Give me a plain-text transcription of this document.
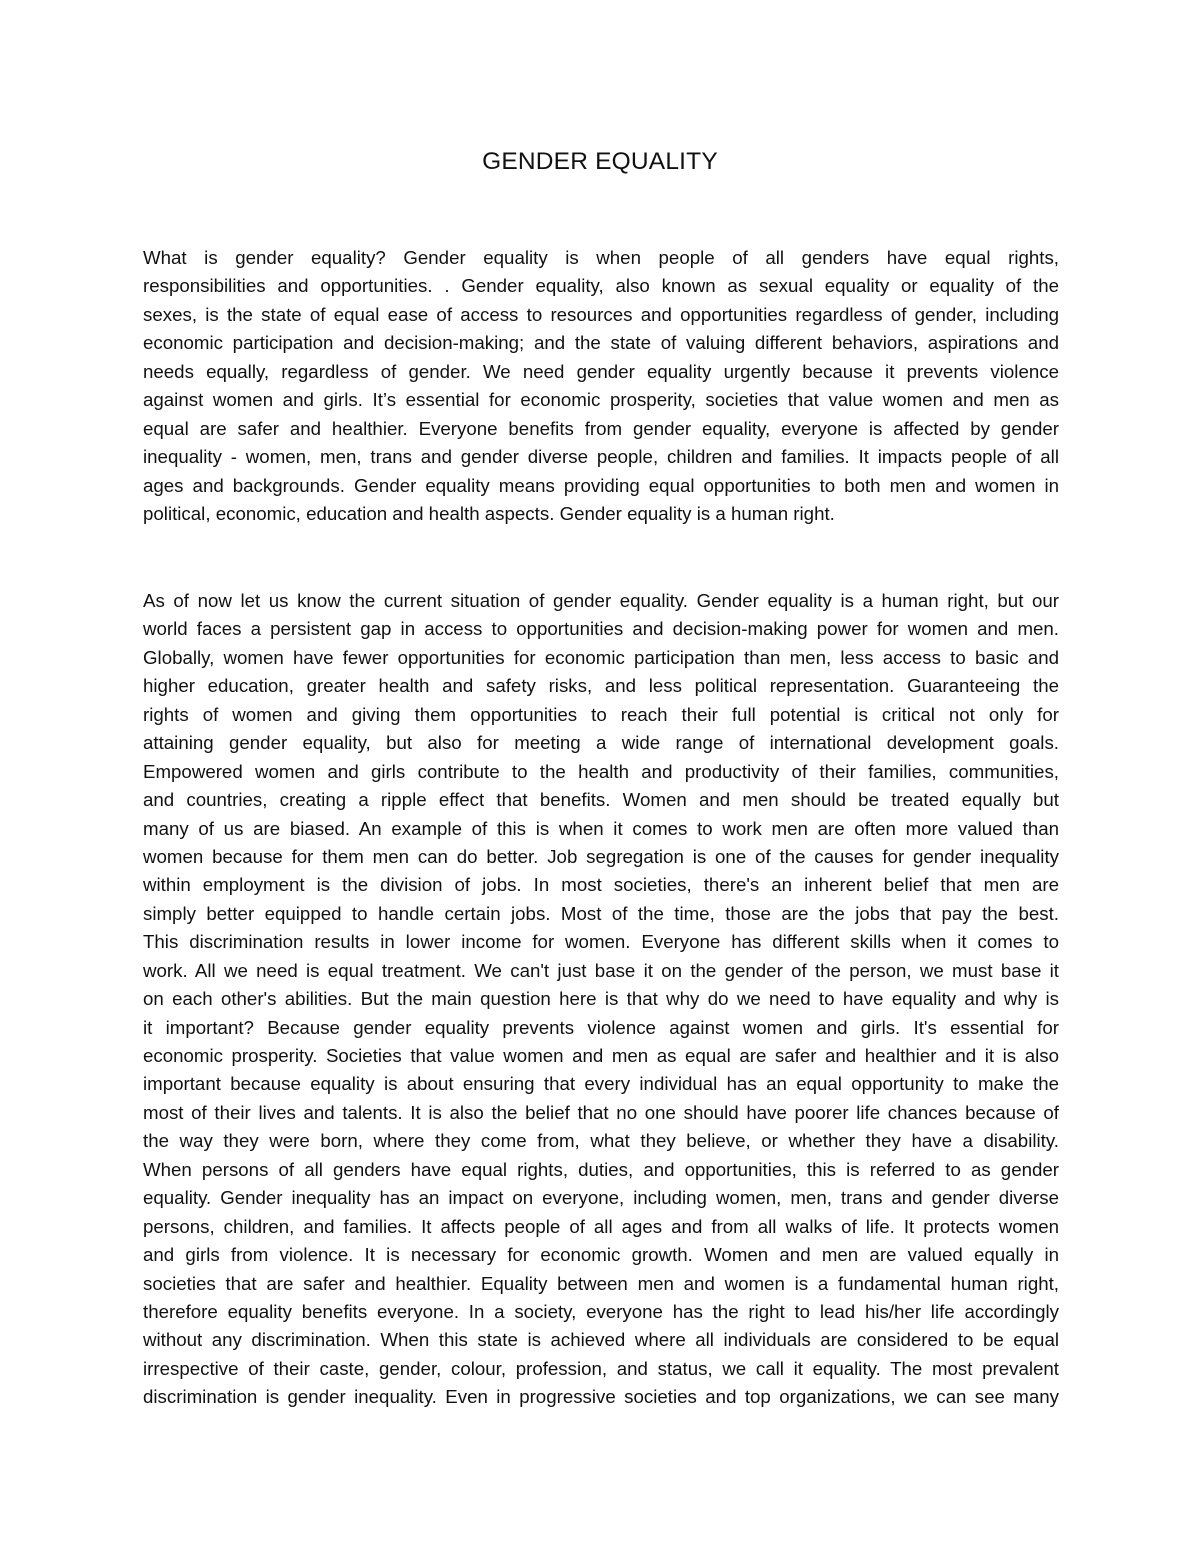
GENDER EQUALITY
What is gender equality? Gender equality is when people of all genders have equal rights,
responsibilities and opportunities. . Gender equality, also known as sexual equality or equality of the
sexes, is the state of equal ease of access to resources and opportunities regardless of gender, including
economic participation and decision-making; and the state of valuing different behaviors, aspirations and
needs equally, regardless of gender. We need gender equality urgently because it prevents violence
against women and girls. It’s essential for economic prosperity, societies that value women and men as
equal are safer and healthier. Everyone benefits from gender equality, everyone is affected by gender
inequality - women, men, trans and gender diverse people, children and families. It impacts people of all
ages and backgrounds. Gender equality means providing equal opportunities to both men and women in
political, economic, education and health aspects. Gender equality is a human right.
As of now let us know the current situation of gender equality. Gender equality is a human right, but our
world faces a persistent gap in access to opportunities and decision-making power for women and men.
Globally, women have fewer opportunities for economic participation than men, less access to basic and
higher education, greater health and safety risks, and less political representation. Guaranteeing the
rights of women and giving them opportunities to reach their full potential is critical not only for
attaining gender equality, but also for meeting a wide range of international development goals.
Empowered women and girls contribute to the health and productivity of their families, communities,
and countries, creating a ripple effect that benefits. Women and men should be treated equally but
many of us are biased. An example of this is when it comes to work men are often more valued than
women because for them men can do better. Job segregation is one of the causes for gender inequality
within employment is the division of jobs. In most societies, there's an inherent belief that men are
simply better equipped to handle certain jobs. Most of the time, those are the jobs that pay the best.
This discrimination results in lower income for women. Everyone has different skills when it comes to
work. All we need is equal treatment. We can't just base it on the gender of the person, we must base it
on each other's abilities. But the main question here is that why do we need to have equality and why is
it important? Because gender equality prevents violence against women and girls. It's essential for
economic prosperity. Societies that value women and men as equal are safer and healthier and it is also
important because equality is about ensuring that every individual has an equal opportunity to make the
most of their lives and talents. It is also the belief that no one should have poorer life chances because of
the way they were born, where they come from, what they believe, or whether they have a disability.
When persons of all genders have equal rights, duties, and opportunities, this is referred to as gender
equality. Gender inequality has an impact on everyone, including women, men, trans and gender diverse
persons, children, and families. It affects people of all ages and from all walks of life. It protects women
and girls from violence. It is necessary for economic growth. Women and men are valued equally in
societies that are safer and healthier. Equality between men and women is a fundamental human right,
therefore equality benefits everyone. In a society, everyone has the right to lead his/her life accordingly
without any discrimination. When this state is achieved where all individuals are considered to be equal
irrespective of their caste, gender, colour, profession, and status, we call it equality. The most prevalent
discrimination is gender inequality. Even in progressive societies and top organizations, we can see many
